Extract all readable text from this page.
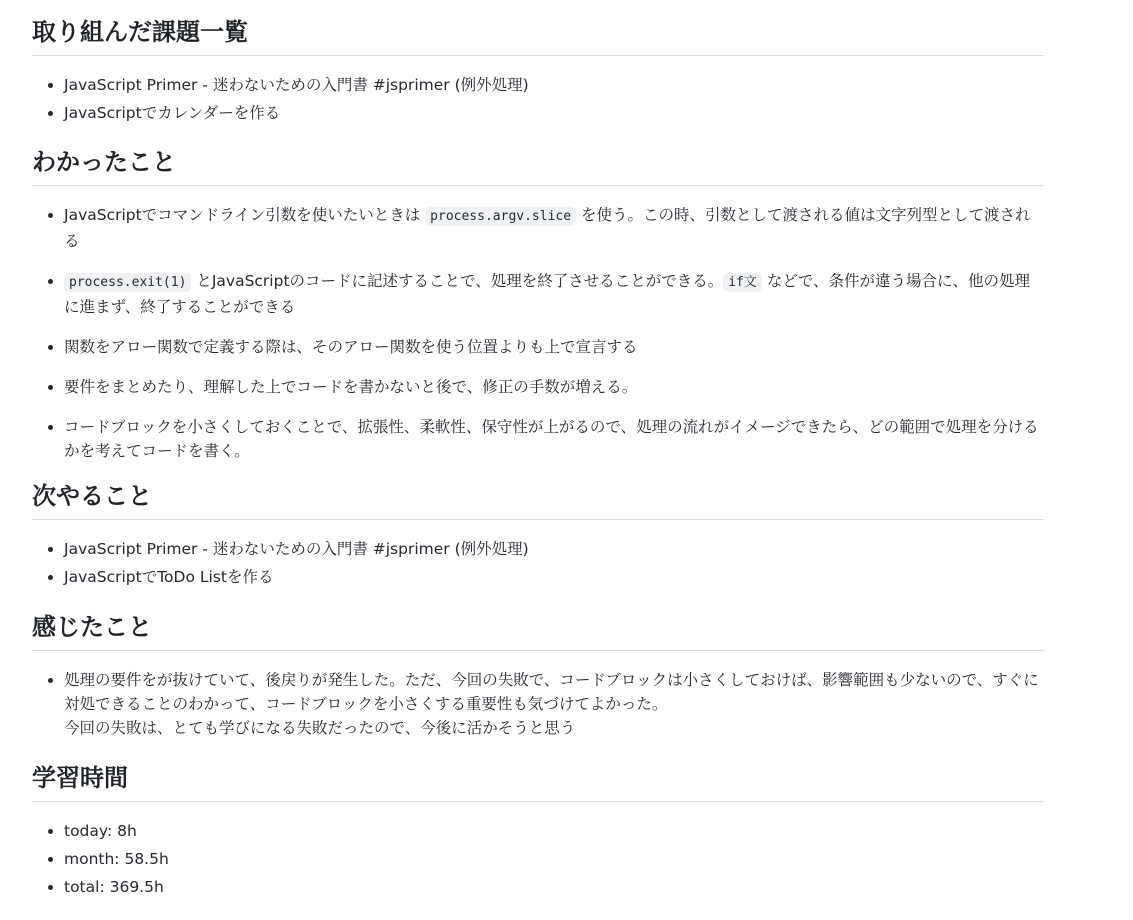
取り組んだ課題一覧
• JavaScript Primer - 迷わないための入門書 #jsprimer (例外処理)
• JavaScriptでカレンダーを作る
わかったこと
• JavaScriptでコマンドライン引数を使いたいときは process.argv.slice を使う。この時、引数として渡される値は文字列型として渡される
• process.exit(1) とJavaScriptのコードに記述することで、処理を終了させることができる。 if文 などで、条件が違う場合に、他の処理に進まず、終了することができる
• 関数をアロー関数で定義する際は、そのアロー関数を使う位置よりも上で宣言する
• 要件をまとめたり、理解した上でコードを書かないと後で、修正の手数が増える。
• コードブロックを小さくしておくことで、拡張性、柔軟性、保守性が上がるので、処理の流れがイメージできたら、どの範囲で処理を分けるかを考えてコードを書く。
次やること
• JavaScript Primer - 迷わないための入門書 #jsprimer (例外処理)
• JavaScriptでToDo Listを作る
感じたこと
• 処理の要件をが抜けていて、後戻りが発生した。ただ、今回の失敗で、コードブロックは小さくしておけば、影響範囲も少ないので、すぐに対処できることのわかって、コードブロックを小さくする重要性も気づけてよかった。
今回の失敗は、とても学びになる失敗だったので、今後に活かそうと思う
学習時間
• today: 8h
• month: 58.5h
• total: 369.5h
